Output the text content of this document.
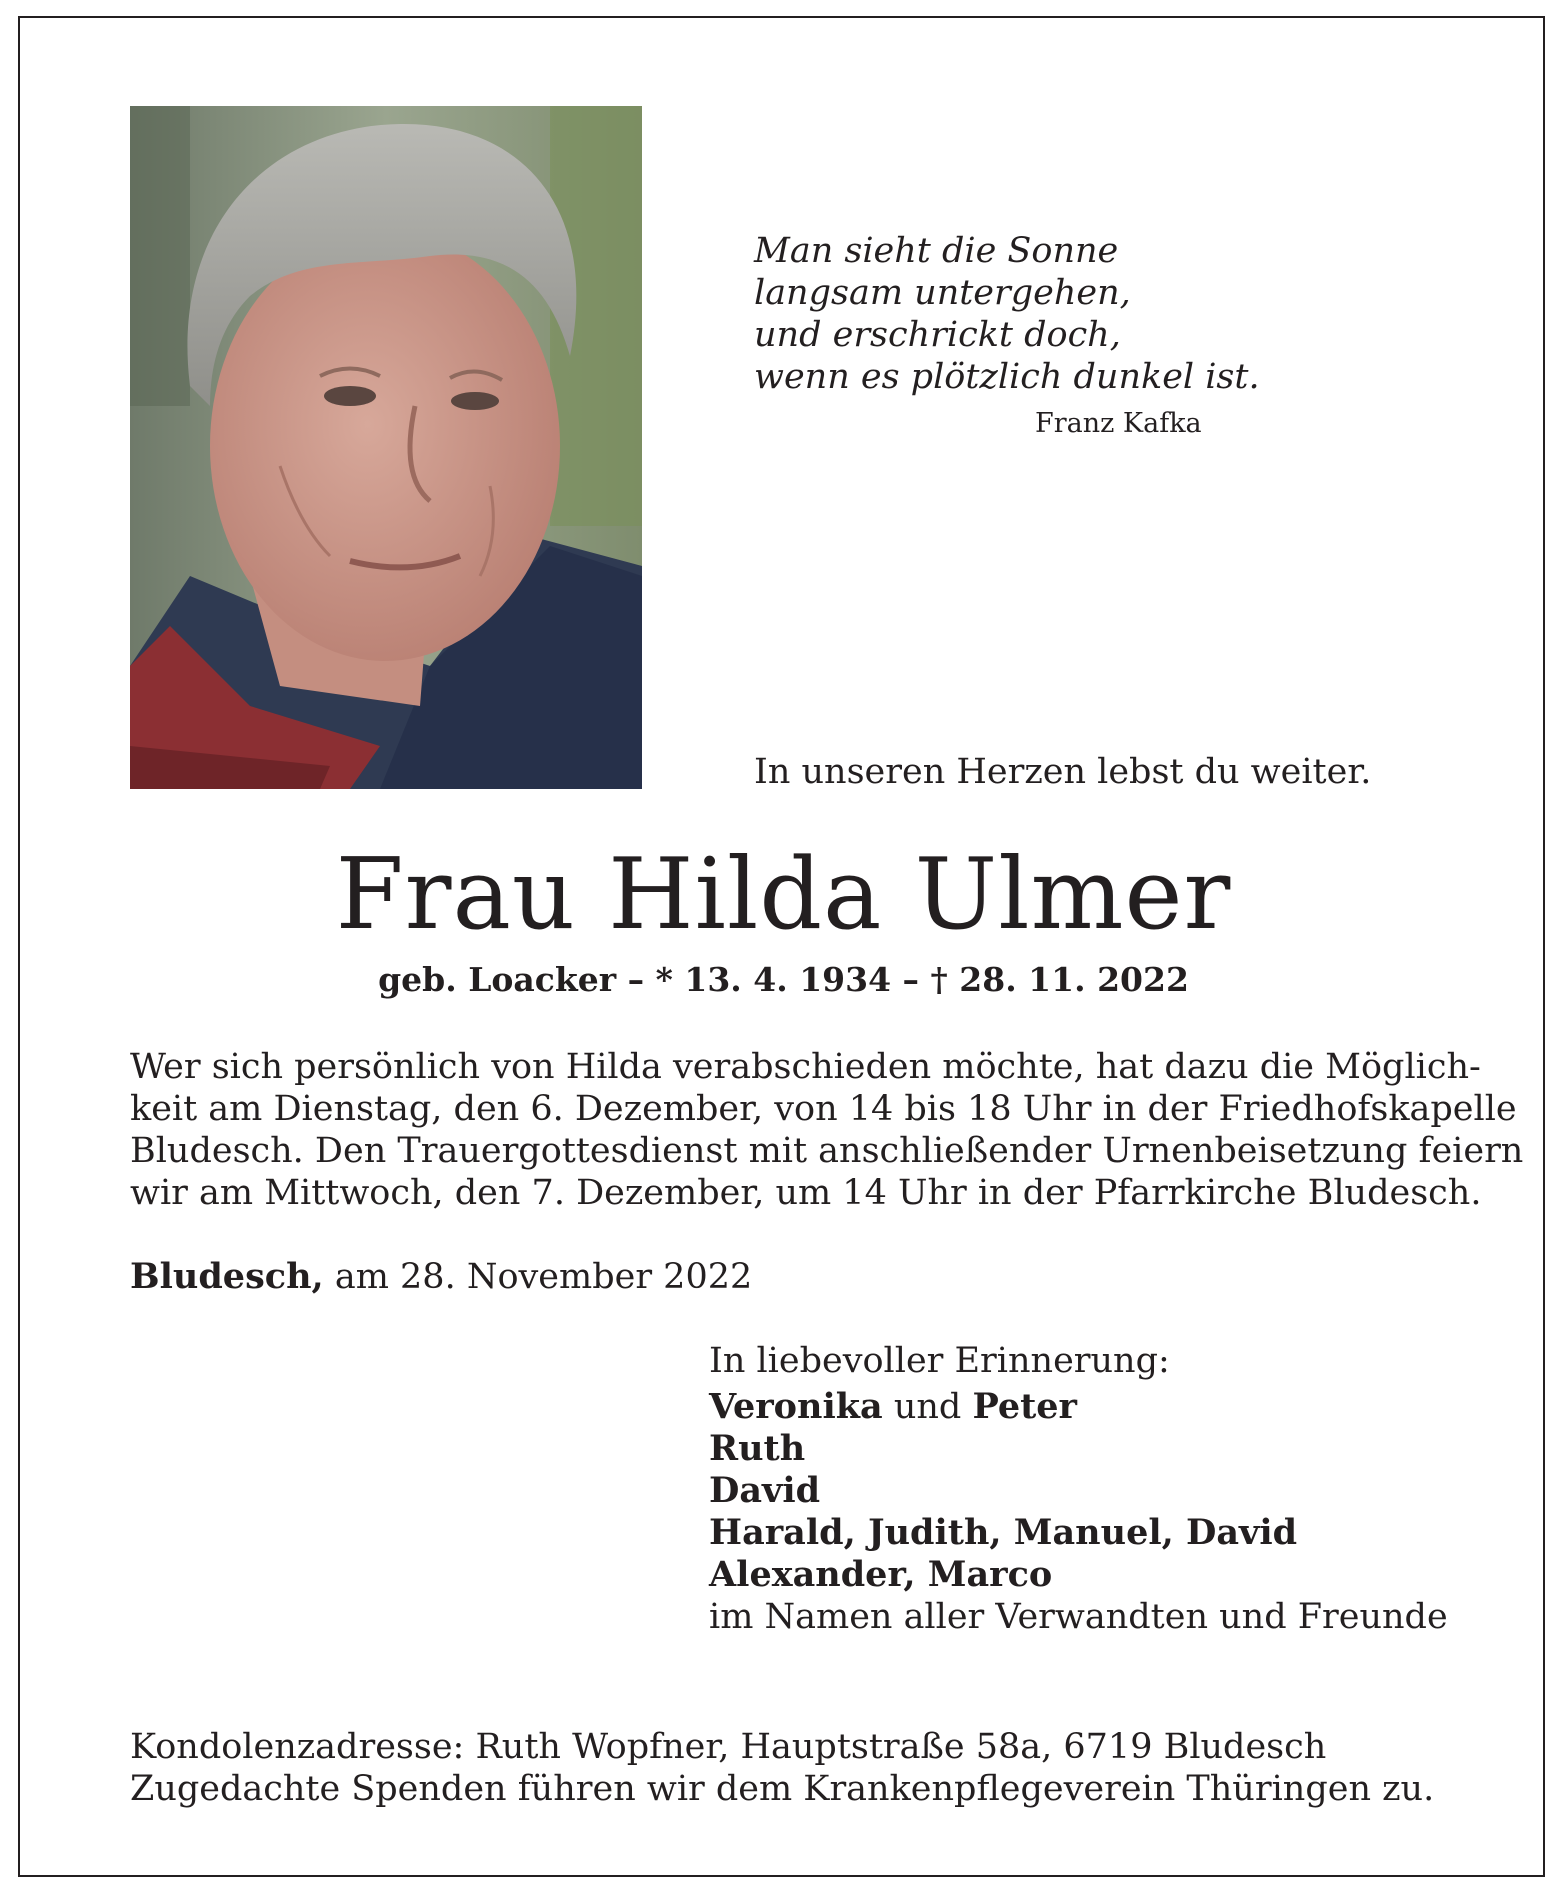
Man sieht die Sonne
langsam untergehen,
und erschrickt doch,
wenn es plötzlich dunkel ist.
Franz Kafka
In unseren Herzen lebst du weiter.
Frau Hilda Ulmer
geb. Loacker – * 13. 4. 1934 – † 28. 11. 2022
Wer sich persönlich von Hilda verabschieden möchte, hat dazu die Möglich-
keit am Dienstag, den 6. Dezember, von 14 bis 18 Uhr in der Friedhofskapelle
Bludesch. Den Trauergottesdienst mit anschließender Urnenbeisetzung feiern
wir am Mittwoch, den 7. Dezember, um 14 Uhr in der Pfarrkirche Bludesch.
Bludesch, am 28. November 2022
In liebevoller Erinnerung:
Veronika und Peter
Ruth
David
Harald, Judith, Manuel, David
Alexander, Marco
im Namen aller Verwandten und Freunde
Kondolenzadresse: Ruth Wopfner, Hauptstraße 58a, 6719 Bludesch
Zugedachte Spenden führen wir dem Krankenpflegeverein Thüringen zu.
